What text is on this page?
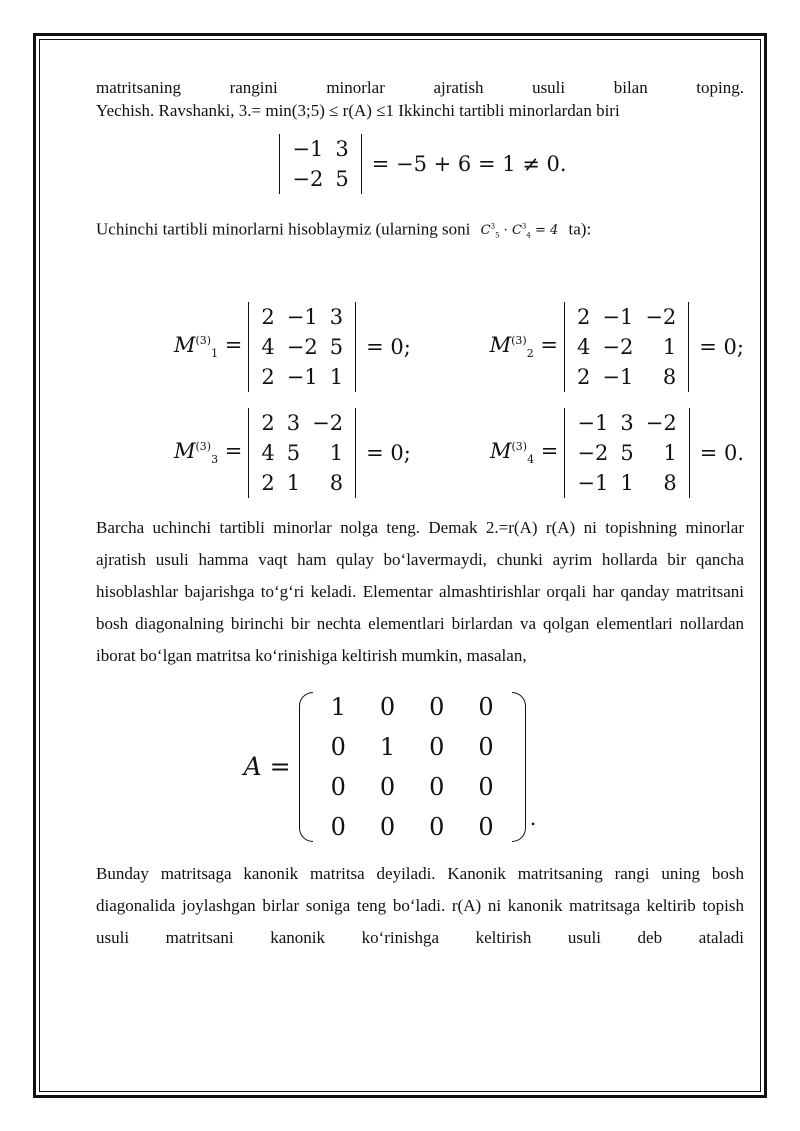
matritsaning rangini minorlar ajratish usuli bilan toping.
Yechish. Ravshanki, 3.= min(3;5) ≤ r(A) ≤1 Ikkinchi tartibli minorlardan biri

−1	3
−2	5
= −5 + 6 = 1 ≠ 0.

Uchinchi tartibli minorlarni hisoblaymiz (ularning soni $C^3_5 \cdot C^3_4 = 4$ ta):

$M^{(3)}_1$ =
2	−1	3
4	−2	5
2	−1	1
= 0;	$M^{(3)}_2$ =
2	−1	−2
4	−2	1
2	−1	8
= 0;
$M^{(3)}_3$ =
2	3	−2
4	5	1
2	1	8
= 0;	$M^{(3)}_4$ =
−1	3	−2
−2	5	1
−1	1	8
= 0.

Barcha uchinchi tartibli minorlar nolga teng. Demak 2.=r(A) r(A) ni topishning minorlar ajratish usuli hamma vaqt ham qulay bo‘lavermaydi, chunki ayrim hollarda bir qancha hisoblashlar bajarishga to‘g‘ri keladi. Elementar almashtirishlar orqali har qanday matritsani bosh diagonalning birinchi bir nechta elementlari birlardan va qolgan elementlari nollardan iborat bo‘lgan matritsa ko‘rinishiga keltirish mumkin, masalan,

A =
1	0	0	0
0	1	0	0
0	0	0	0
0	0	0	0 .

Bunday matritsaga kanonik matritsa deyiladi. Kanonik matritsaning rangi uning bosh diagonalida joylashgan birlar soniga teng bo‘ladi. r(A) ni kanonik matritsaga keltirib topish usuli matritsani kanonik ko‘rinishga keltirish usuli deb ataladi
